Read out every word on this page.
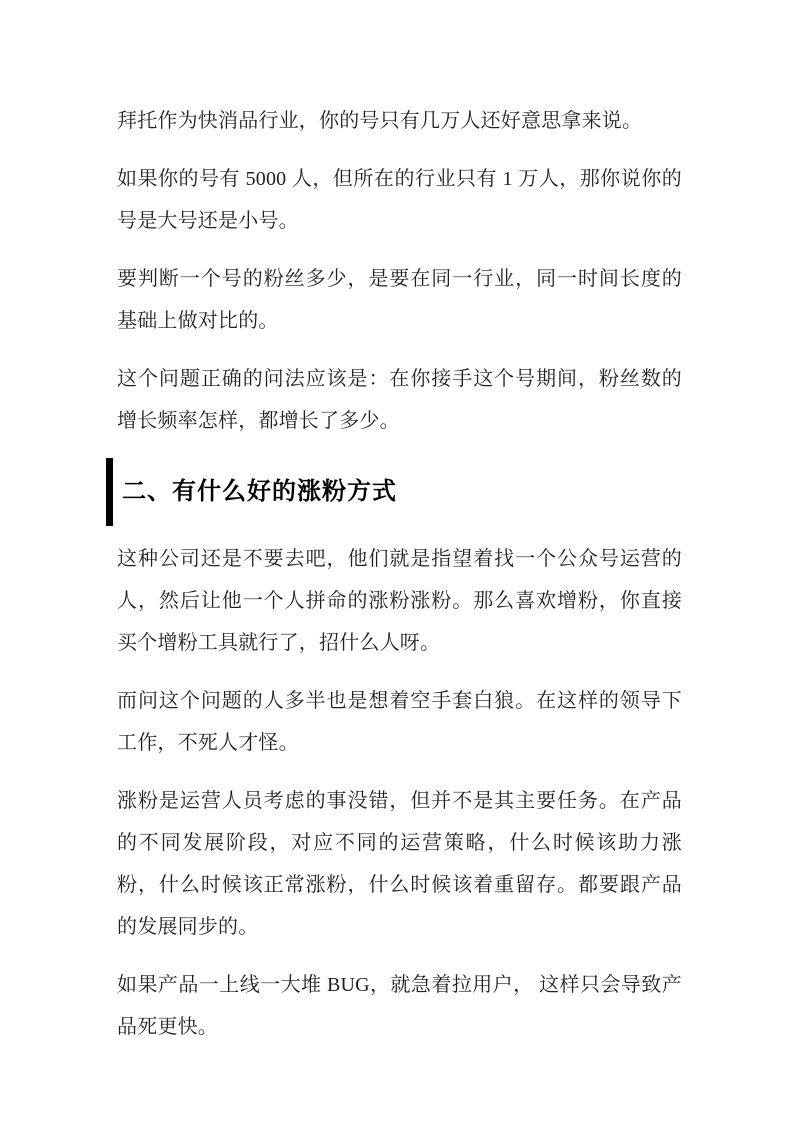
拜托作为快消品行业，你的号只有几万人还好意思拿来说。

如果你的号有 5000 人，但所在的行业只有 1 万人，那你说你的号是大号还是小号。

要判断一个号的粉丝多少，是要在同一行业，同一时间长度的基础上做对比的。

这个问题正确的问法应该是：在你接手这个号期间，粉丝数的增长频率怎样，都增长了多少。

二、有什么好的涨粉方式

这种公司还是不要去吧，他们就是指望着找一个公众号运营的人，然后让他一个人拼命的涨粉涨粉。那么喜欢增粉，你直接买个增粉工具就行了，招什么人呀。

而问这个问题的人多半也是想着空手套白狼。在这样的领导下工作，不死人才怪。

涨粉是运营人员考虑的事没错，但并不是其主要任务。在产品的不同发展阶段，对应不同的运营策略，什么时候该助力涨粉，什么时候该正常涨粉，什么时候该着重留存。都要跟产品的发展同步的。

如果产品一上线一大堆 BUG，就急着拉用户， 这样只会导致产品死更快。
